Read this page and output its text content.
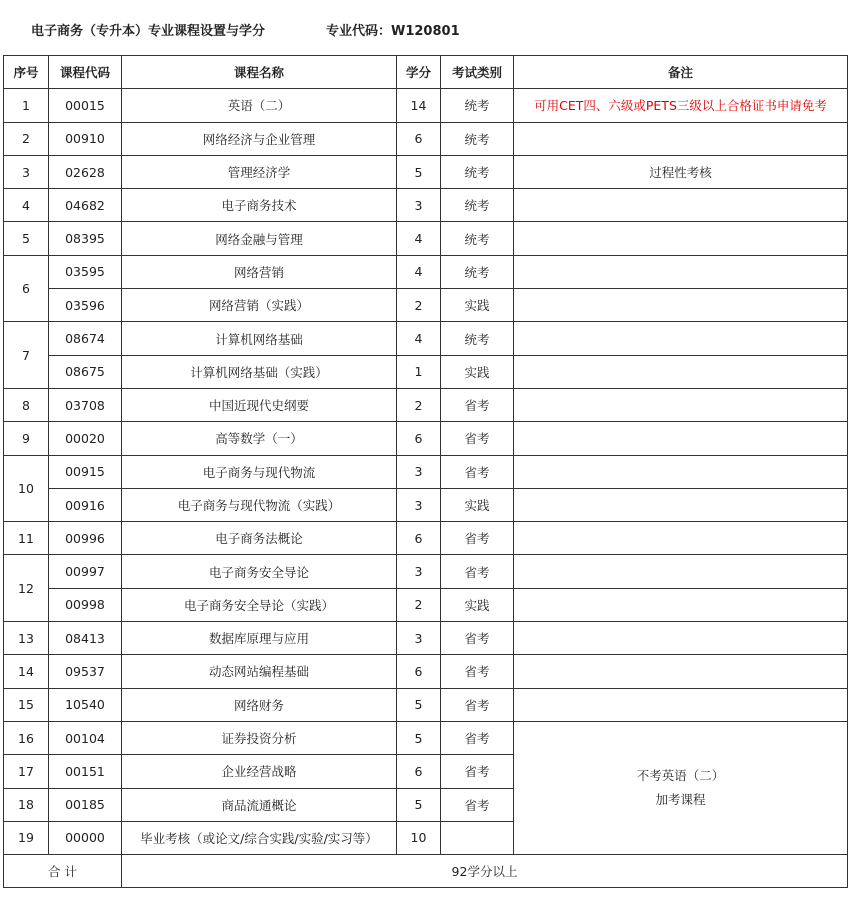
电子商务（专升本）专业课程设置与学分	专业代码：W120801
序号	课程代码	课程名称	学分	考试类别	备注
1	00015	英语（二）	14	统考	可用CET四、六级或PETS三级以上合格证书申请免考
2	00910	网络经济与企业管理	6	统考	
3	02628	管理经济学	5	统考	过程性考核
4	04682	电子商务技术	3	统考	
5	08395	网络金融与管理	4	统考	
6	03595	网络营销	4	统考	
	03596	网络营销（实践）	2	实践	
7	08674	计算机网络基础	4	统考	
	08675	计算机网络基础（实践）	1	实践	
8	03708	中国近现代史纲要	2	省考	
9	00020	高等数学（一）	6	省考	
10	00915	电子商务与现代物流	3	省考	
	00916	电子商务与现代物流（实践）	3	实践	
11	00996	电子商务法概论	6	省考	
12	00997	电子商务安全导论	3	省考	
	00998	电子商务安全导论（实践）	2	实践	
13	08413	数据库原理与应用	3	省考	
14	09537	动态网站编程基础	6	省考	
15	10540	网络财务	5	省考	
16	00104	证券投资分析	5	省考	不考英语（二）
加考课程

17	00151	企业经营战略	6	省考	
18	00185	商品流通概论	5	省考	
19	00000	毕业考核（或论文/综合实践/实验/实习等）	10		
合 计		92学分以上			
